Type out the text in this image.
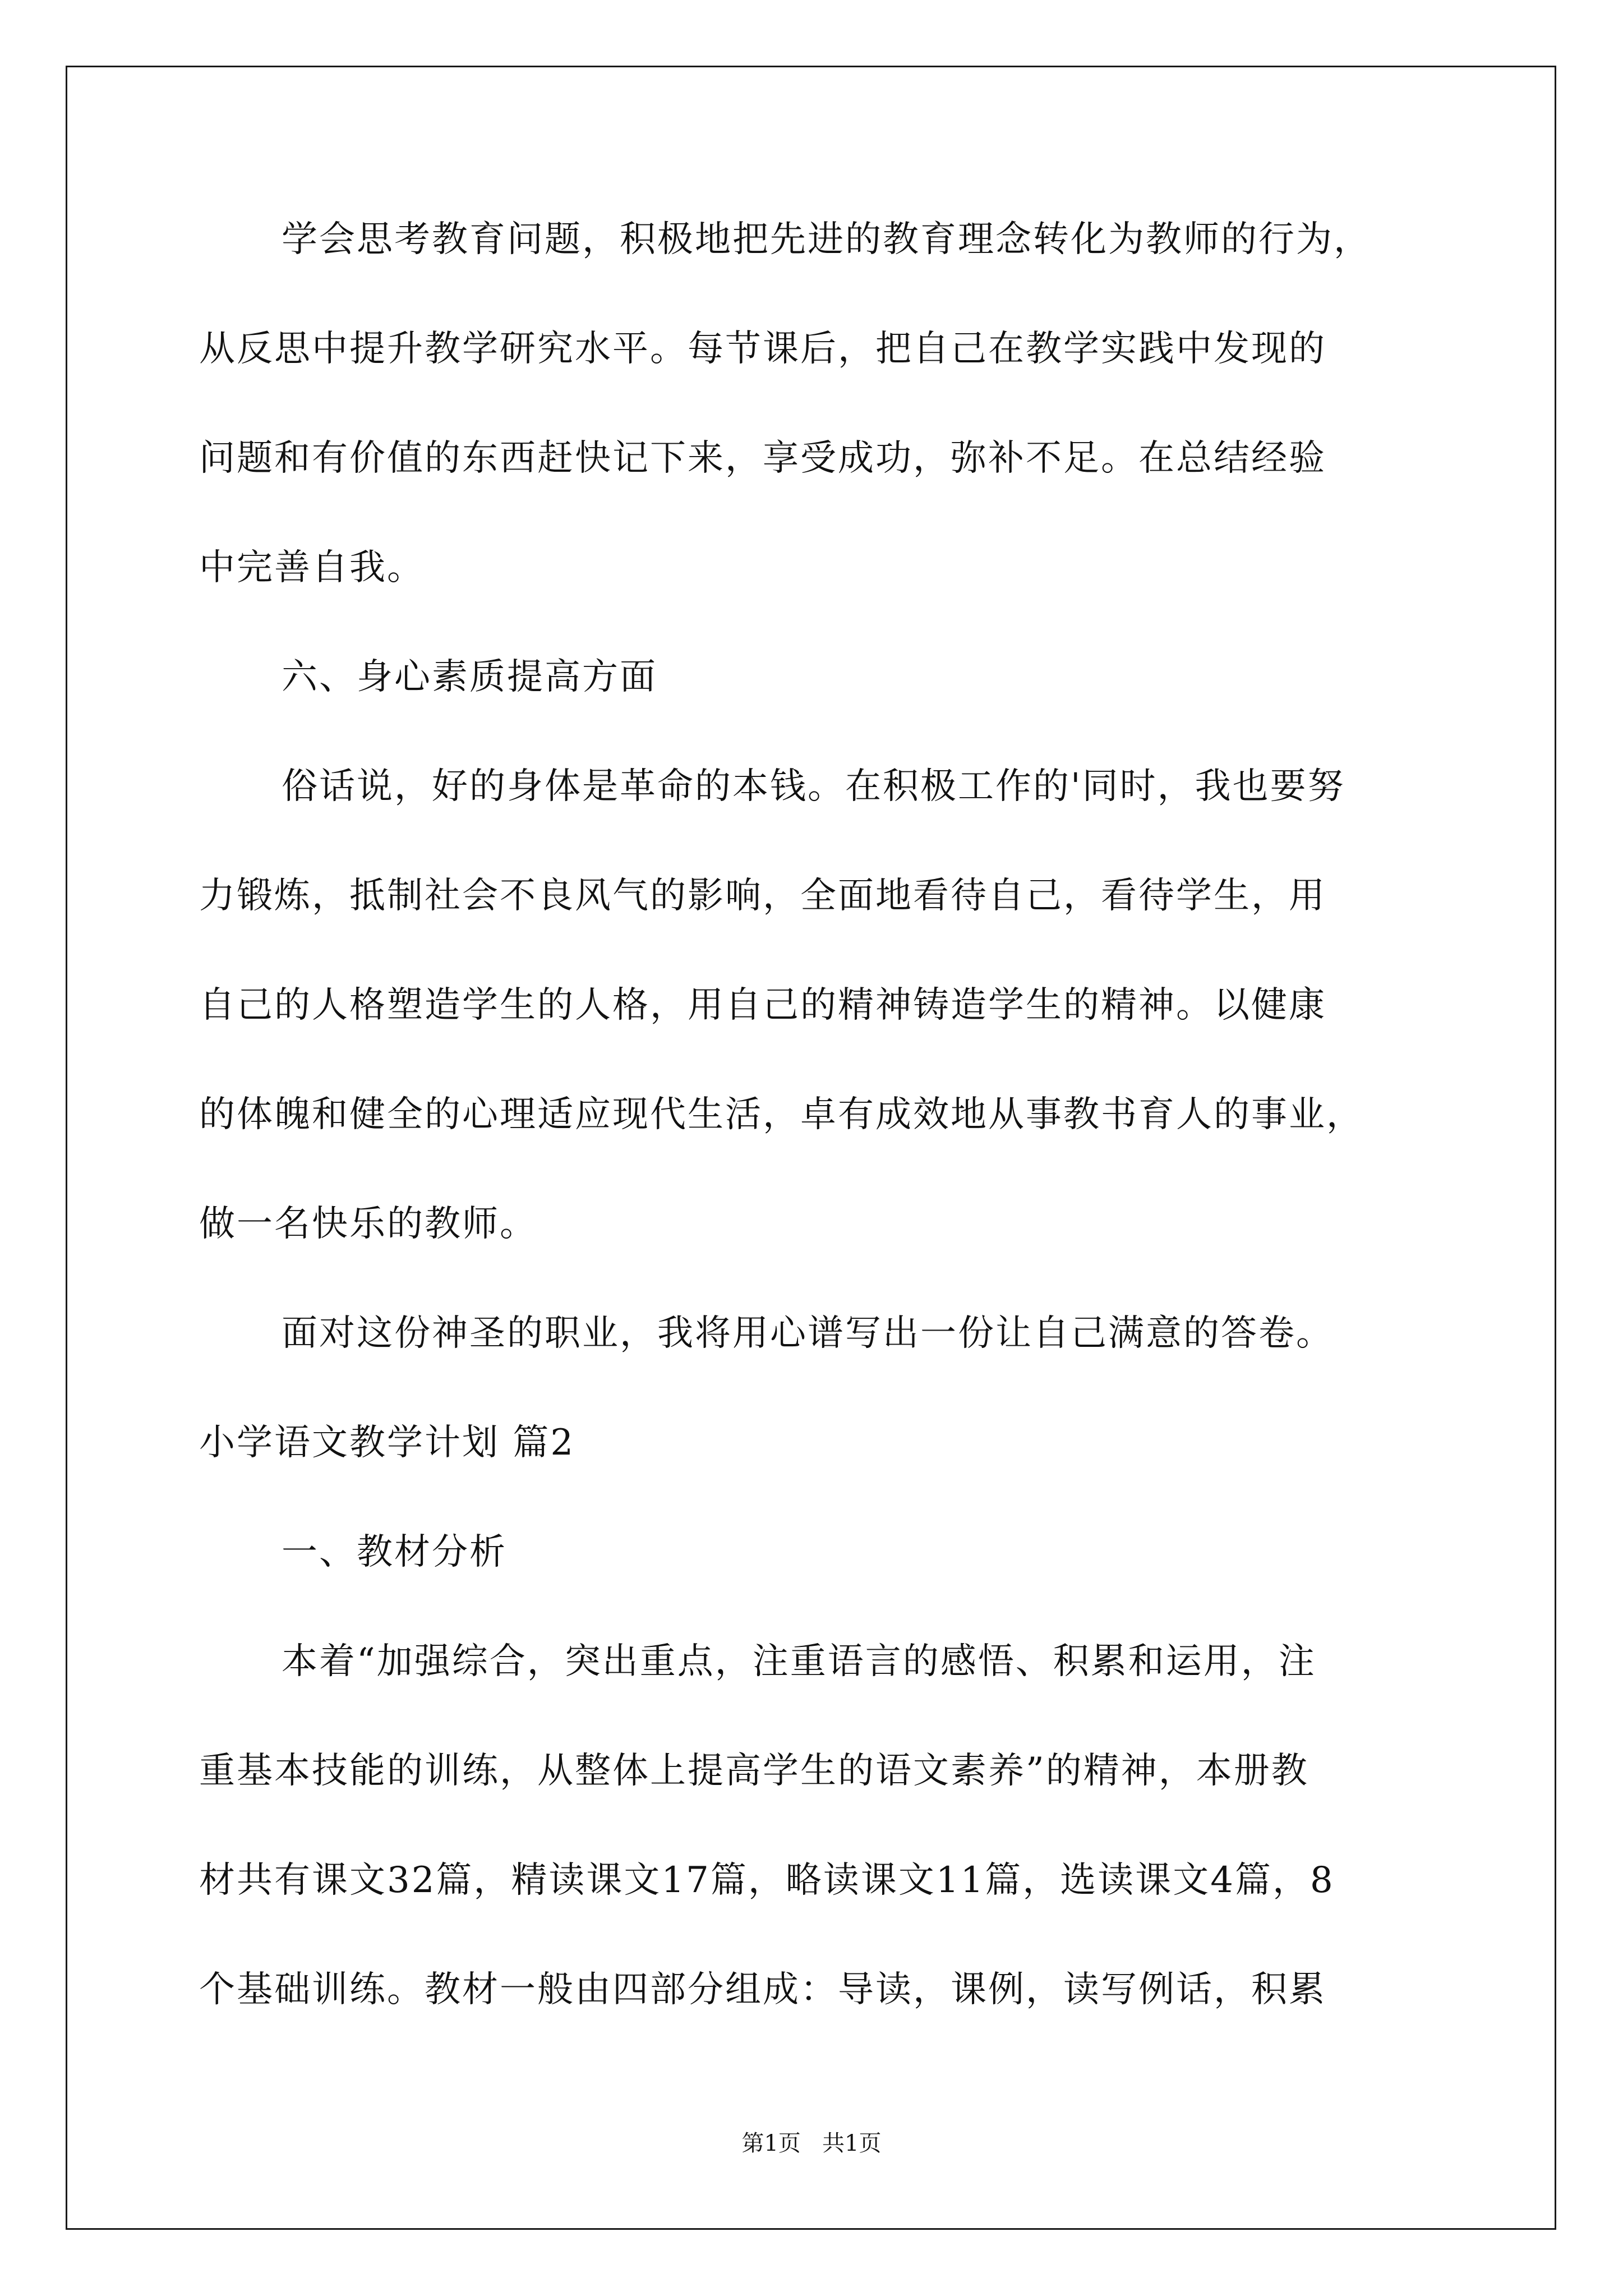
学会思考教育问题，积极地把先进的教育理念转化为教师的行为，
从反思中提升教学研究水平。每节课后，把自己在教学实践中发现的
问题和有价值的东西赶快记下来，享受成功，弥补不足。在总结经验
中完善自我。
六、身心素质提高方面
俗话说，好的身体是革命的本钱。在积极工作的'同时，我也要努
力锻炼，抵制社会不良风气的影响，全面地看待自己，看待学生，用
自己的人格塑造学生的人格，用自己的精神铸造学生的精神。以健康
的体魄和健全的心理适应现代生活，卓有成效地从事教书育人的事业，
做一名快乐的教师。
面对这份神圣的职业，我将用心谱写出一份让自己满意的答卷。
小学语文教学计划 篇2
一、教材分析
本着“加强综合，突出重点，注重语言的感悟、积累和运用，注
重基本技能的训练，从整体上提高学生的语文素养”的精神，本册教
材共有课文32篇，精读课文17篇，略读课文11篇，选读课文4篇，8
个基础训练。教材一般由四部分组成：导读，课例，读写例话，积累
第1页   共1页
